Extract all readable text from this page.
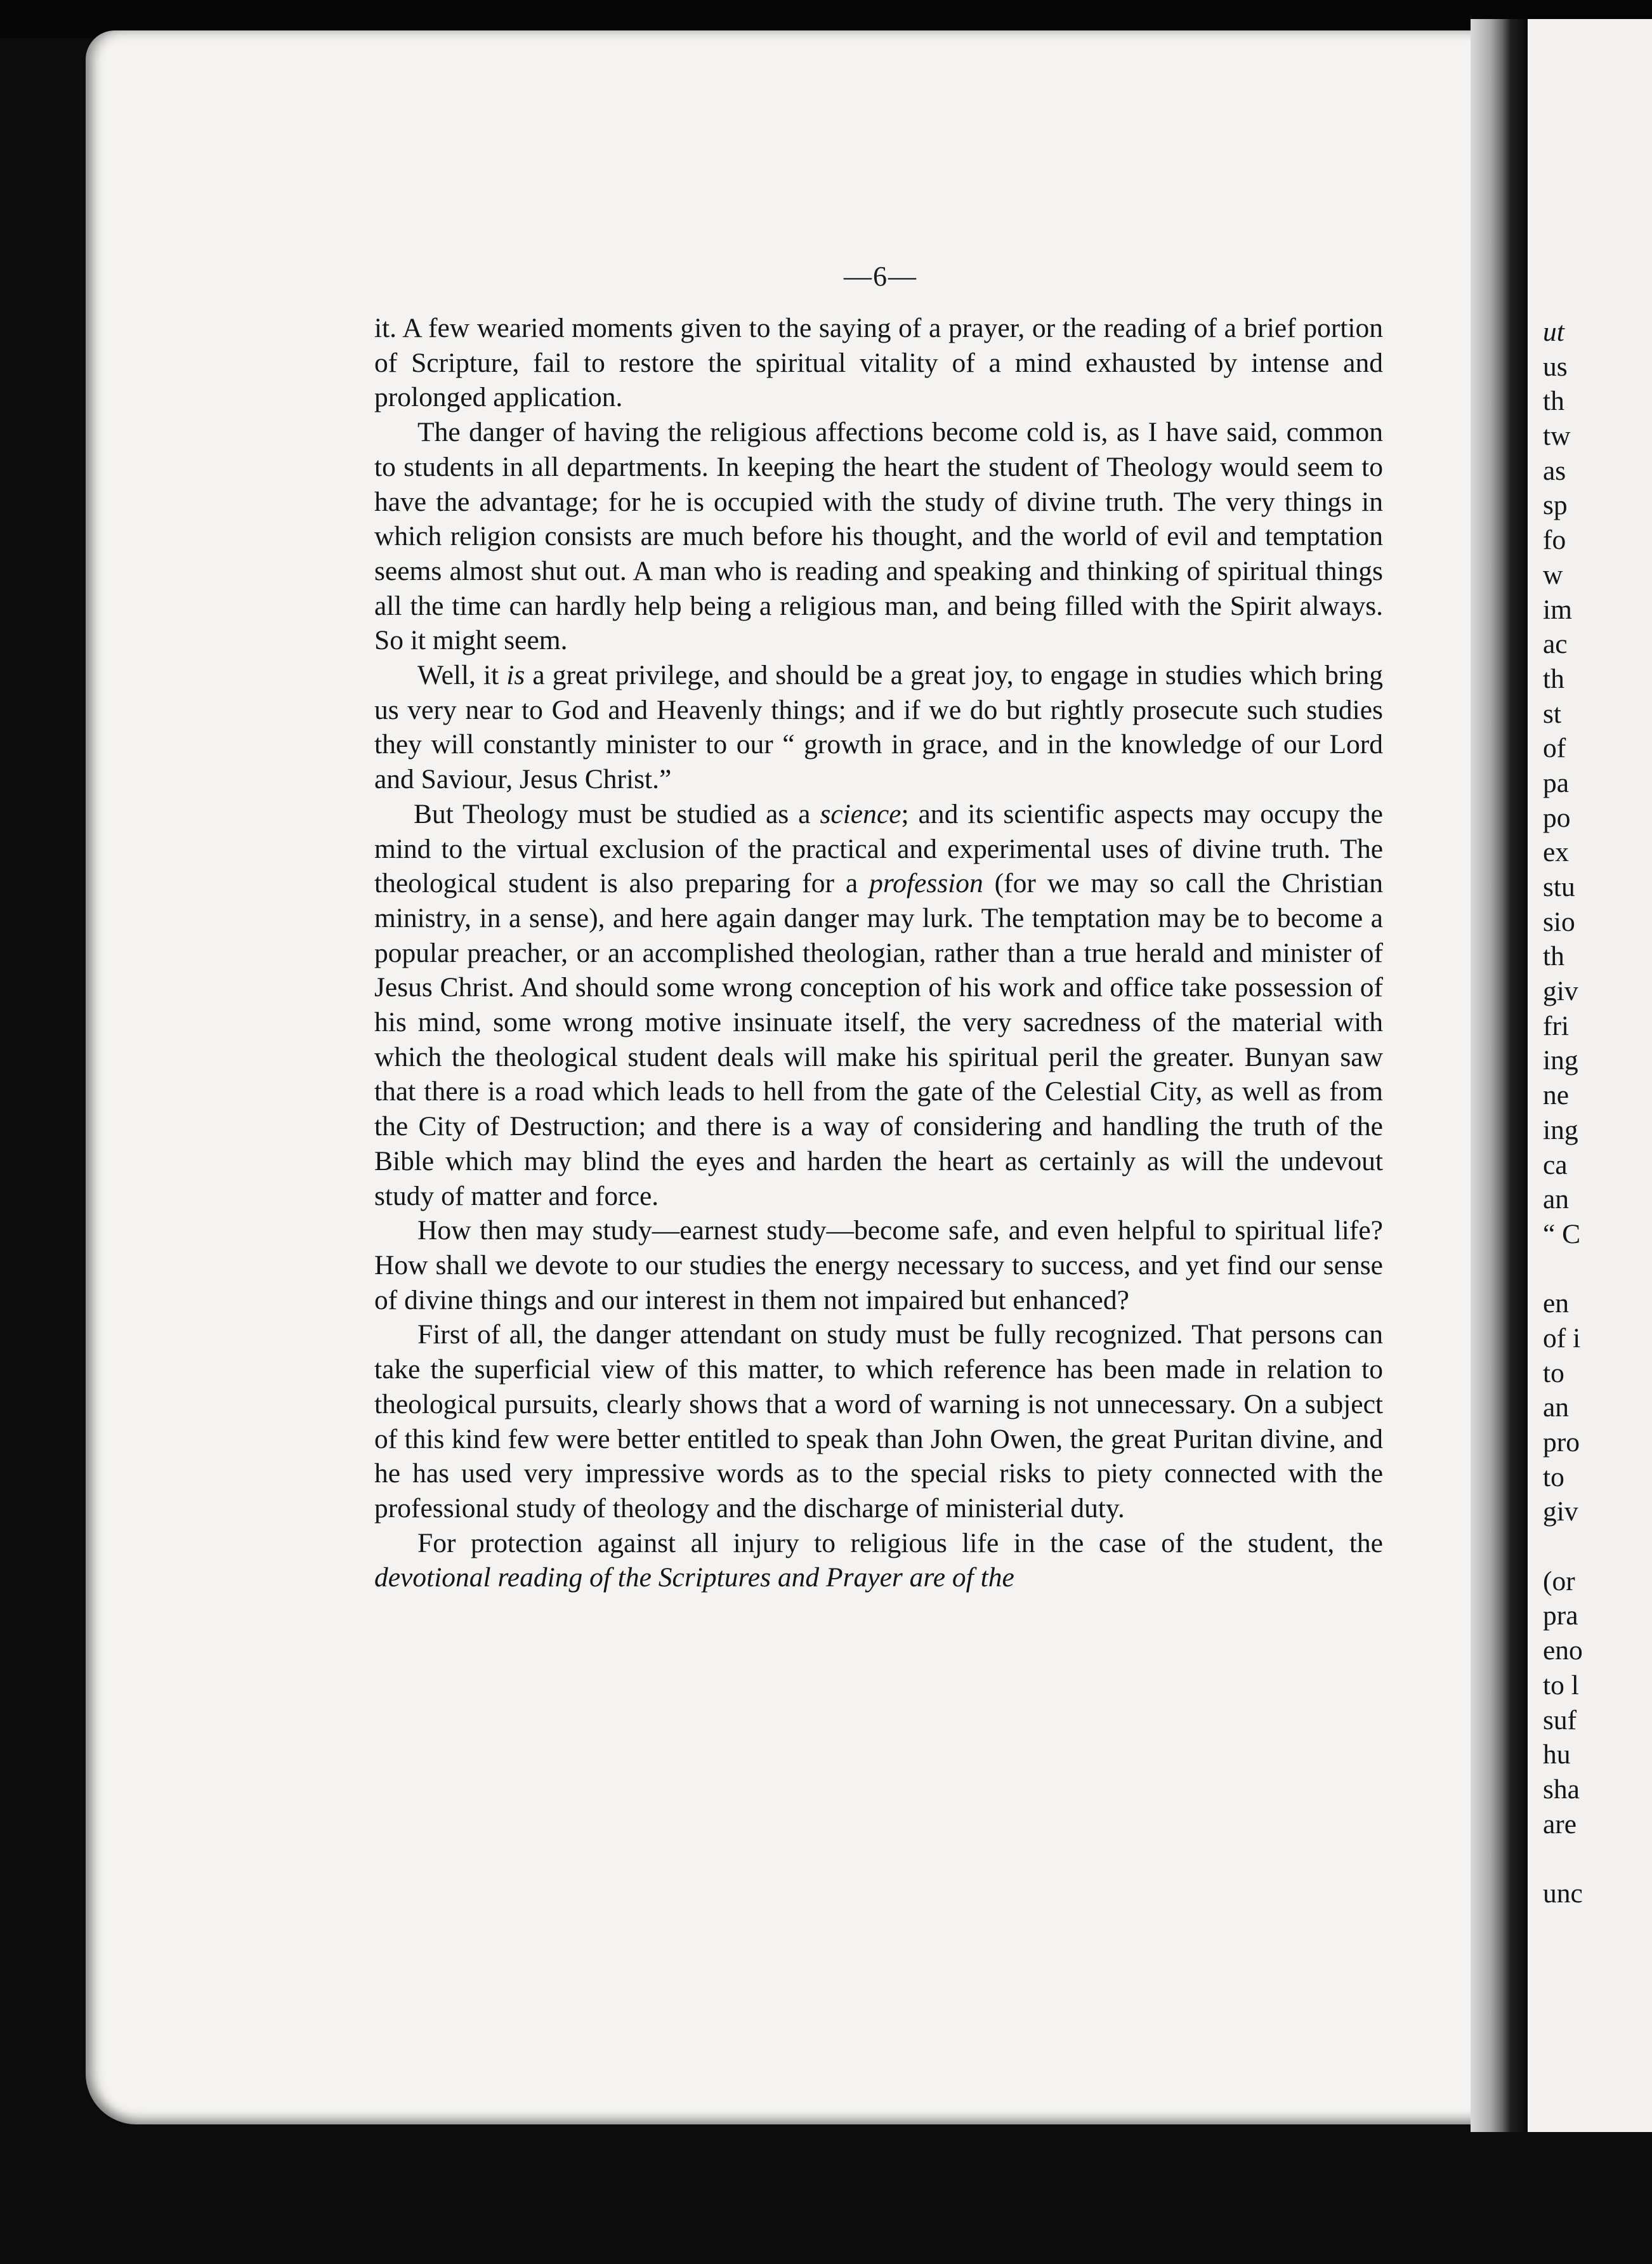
—6—

it. A few wearied moments given to the saying of a prayer, or the reading of a brief portion of Scripture, fail to restore the spiritual vitality of a mind exhausted by intense and prolonged application.

The danger of having the religious affections become cold is, as I have said, common to students in all departments. In keeping the heart the student of Theology would seem to have the advantage; for he is occupied with the study of divine truth. The very things in which religion consists are much before his thought, and the world of evil and temptation seems almost shut out. A man who is reading and speaking and thinking of spiritual things all the time can hardly help being a religious man, and being filled with the Spirit always. So it might seem.

Well, it is a great privilege, and should be a great joy, to engage in studies which bring us very near to God and Heavenly things; and if we do but rightly prosecute such studies they will constantly minister to our “ growth in grace, and in the knowledge of our Lord and Saviour, Jesus Christ.”

But Theology must be studied as a science; and its scientific aspects may occupy the mind to the virtual exclusion of the practical and experimental uses of divine truth. The theological student is also preparing for a profession (for we may so call the Christian ministry, in a sense), and here again danger may lurk. The temptation may be to become a popular preacher, or an accomplished theologian, rather than a true herald and minister of Jesus Christ. And should some wrong conception of his work and office take possession of his mind, some wrong motive insinuate itself, the very sacredness of the material with which the theological student deals will make his spiritual peril the greater. Bunyan saw that there is a road which leads to hell from the gate of the Celestial City, as well as from the City of Destruction; and there is a way of considering and handling the truth of the Bible which may blind the eyes and harden the heart as certainly as will the undevout study of matter and force.

How then may study—earnest study—become safe, and even helpful to spiritual life? How shall we devote to our studies the energy necessary to success, and yet find our sense of divine things and our interest in them not impaired but enhanced?

First of all, the danger attendant on study must be fully recognized. That persons can take the superficial view of this matter, to which reference has been made in relation to theological pursuits, clearly shows that a word of warning is not unnecessary. On a subject of this kind few were better entitled to speak than John Owen, the great Puritan divine, and he has used very impressive words as to the special risks to piety connected with the professional study of theology and the discharge of ministerial duty.

For protection against all injury to religious life in the case of the student, the devotional reading of the Scriptures and Prayer are of the

ut
us
th
tw
as
sp
fo
w
im
ac
th
st
of
pa
po
ex
stu
sio
th
giv
fri
ing
ne
ing
ca
an
“ C
en
of i
to
an
pro
to
giv
(or
pra
eno
to l
suf
hu
sha
are
unc
